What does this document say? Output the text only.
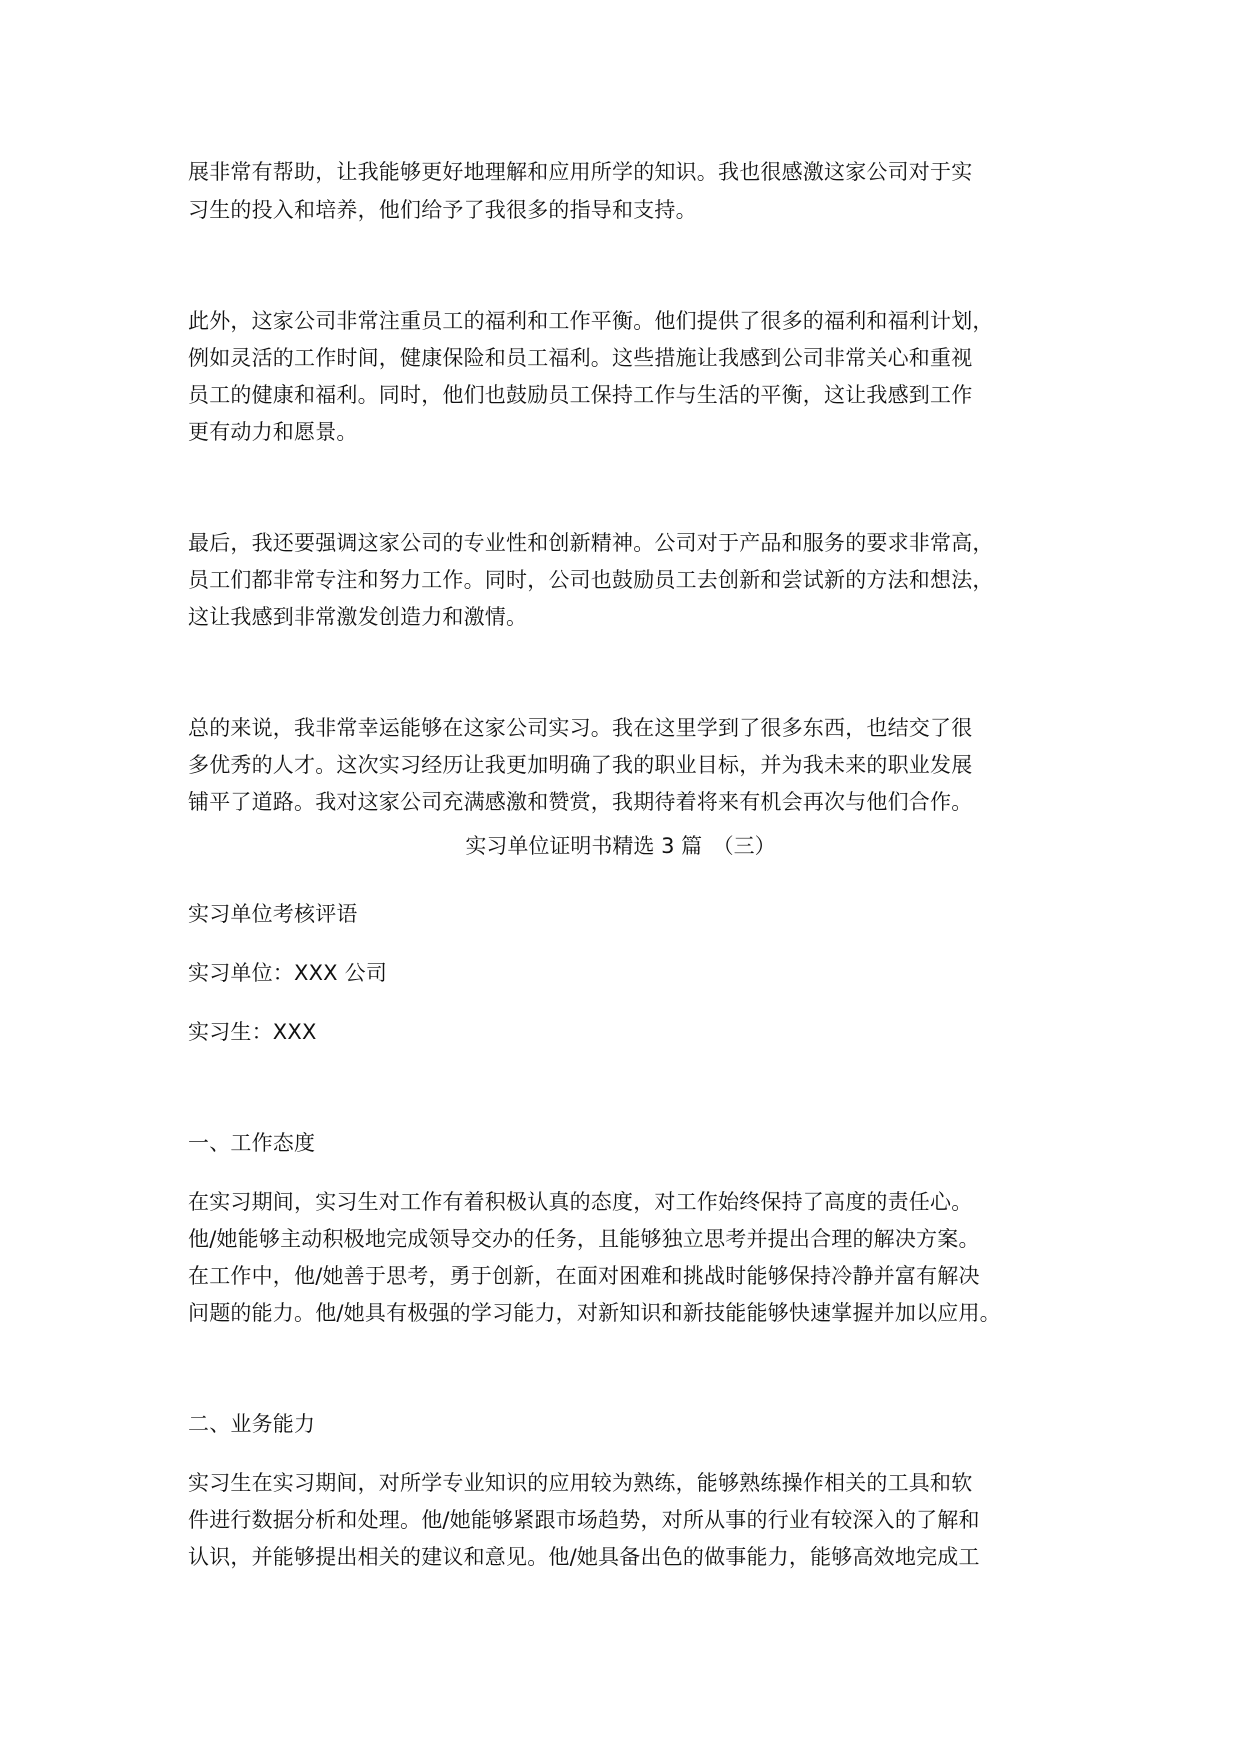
展非常有帮助，让我能够更好地理解和应用所学的知识。我也很感激这家公司对于实

习生的投入和培养，他们给予了我很多的指导和支持。

此外，这家公司非常注重员工的福利和工作平衡。他们提供了很多的福利和福利计划，

例如灵活的工作时间，健康保险和员工福利。这些措施让我感到公司非常关心和重视

员工的健康和福利。同时，他们也鼓励员工保持工作与生活的平衡，这让我感到工作

更有动力和愿景。

最后，我还要强调这家公司的专业性和创新精神。公司对于产品和服务的要求非常高，

员工们都非常专注和努力工作。同时，公司也鼓励员工去创新和尝试新的方法和想法，

这让我感到非常激发创造力和激情。

总的来说，我非常幸运能够在这家公司实习。我在这里学到了很多东西，也结交了很

多优秀的人才。这次实习经历让我更加明确了我的职业目标，并为我未来的职业发展

铺平了道路。我对这家公司充满感激和赞赏，我期待着将来有机会再次与他们合作。

实习单位证明书精选 3 篇　（三）

实习单位考核评语

实习单位：XXX 公司

实习生：XXX

一、工作态度

在实习期间，实习生对工作有着积极认真的态度，对工作始终保持了高度的责任心。

他/她能够主动积极地完成领导交办的任务，且能够独立思考并提出合理的解决方案。

在工作中，他/她善于思考，勇于创新，在面对困难和挑战时能够保持冷静并富有解决

问题的能力。他/她具有极强的学习能力，对新知识和新技能能够快速掌握并加以应用。

二、业务能力

实习生在实习期间，对所学专业知识的应用较为熟练，能够熟练操作相关的工具和软

件进行数据分析和处理。他/她能够紧跟市场趋势，对所从事的行业有较深入的了解和

认识，并能够提出相关的建议和意见。他/她具备出色的做事能力，能够高效地完成工
